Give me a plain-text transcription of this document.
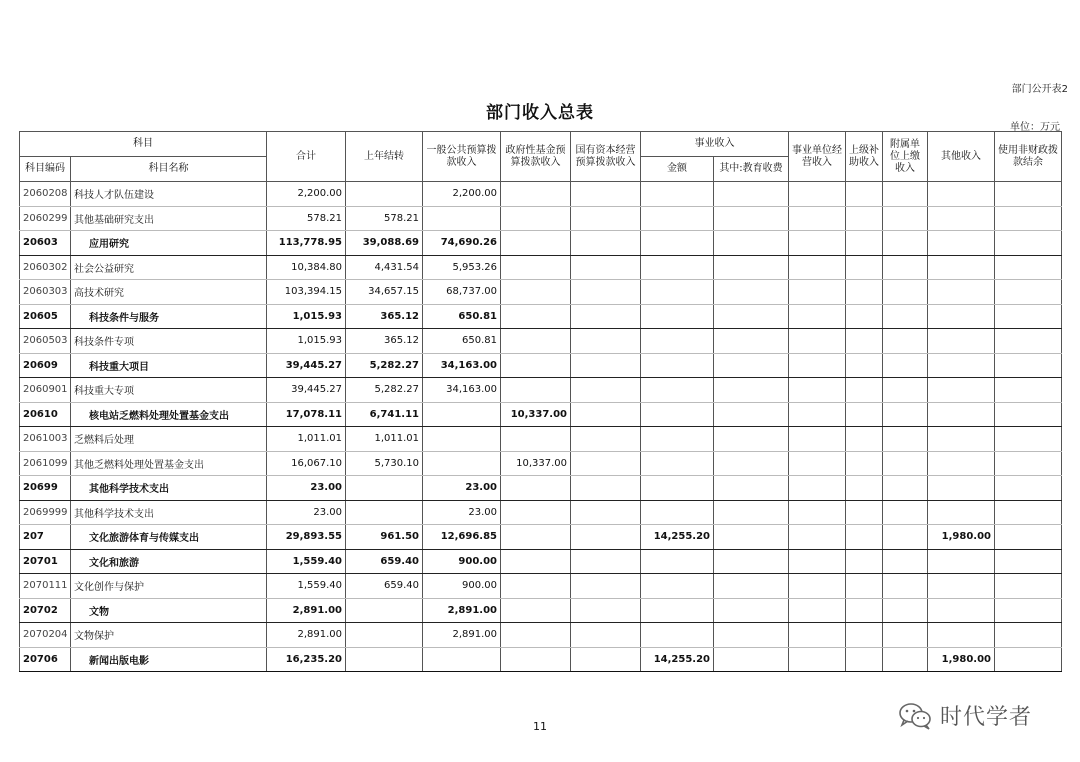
部门公开表2
部门收入总表
单位：万元
科目		合计	上年结转	一般公共预算拨款收入	政府性基金预算拨款收入	国有资本经营预算拨款收入	事业收入		事业单位经营收入	上级补助收入	附属单位上缴收入	其他收入	使用非财政拨款结余
科目编码	科目名称						金额	其中:教育收费					
2060208	科技人才队伍建设	2,200.00		2,200.00									
2060299	其他基础研究支出	578.21	578.21										
20603	应用研究	113,778.95	39,088.69	74,690.26									
2060302	社会公益研究	10,384.80	4,431.54	5,953.26									
2060303	高技术研究	103,394.15	34,657.15	68,737.00									
20605	科技条件与服务	1,015.93	365.12	650.81									
2060503	科技条件专项	1,015.93	365.12	650.81									
20609	科技重大项目	39,445.27	5,282.27	34,163.00									
2060901	科技重大专项	39,445.27	5,282.27	34,163.00									
20610	核电站乏燃料处理处置基金支出	17,078.11	6,741.11		10,337.00								
2061003	乏燃料后处理	1,011.01	1,011.01										
2061099	其他乏燃料处理处置基金支出	16,067.10	5,730.10		10,337.00								
20699	其他科学技术支出	23.00		23.00									
2069999	其他科学技术支出	23.00		23.00									
207	文化旅游体育与传媒支出	29,893.55	961.50	12,696.85			14,255.20					1,980.00	
20701	文化和旅游	1,559.40	659.40	900.00									
2070111	文化创作与保护	1,559.40	659.40	900.00									
20702	文物	2,891.00		2,891.00									
2070204	文物保护	2,891.00		2,891.00									
20706	新闻出版电影	16,235.20					14,255.20					1,980.00	
11	时代学者
